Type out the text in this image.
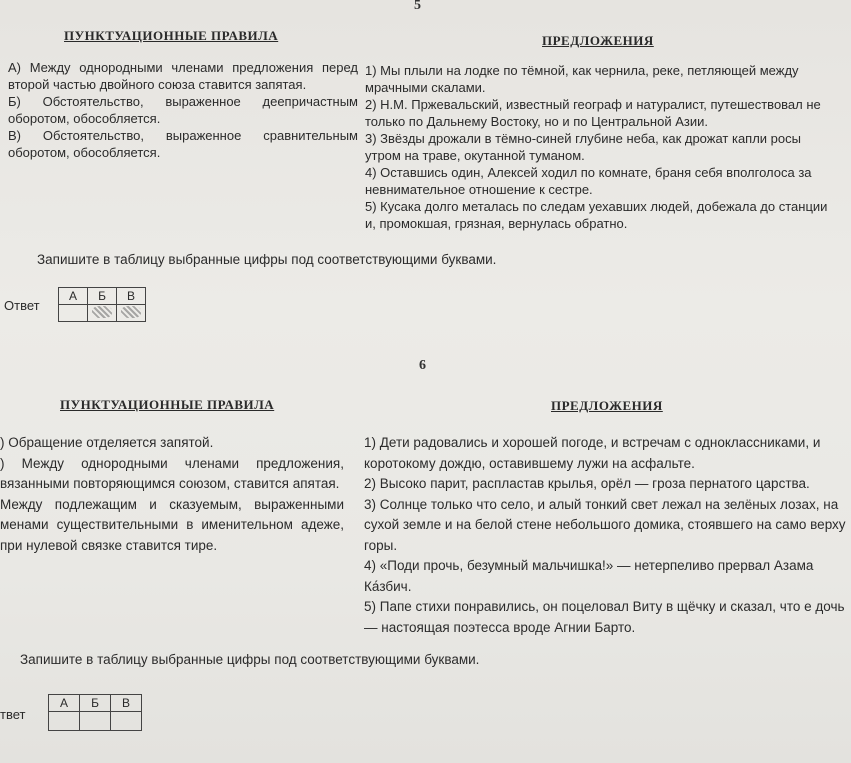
5
ПУНКТУАЦИОННЫЕ ПРАВИЛА	ПРЕДЛОЖЕНИЯ

А) Между однородными членами предложения перед второй частью двойного союза ставится запятая.

Б) Обстоятельство, выраженное деепричастным оборотом, обособляется.

В) Обстоятельство, выраженное сравнительным оборотом, обособляется.

1) Мы плыли на лодке по тёмной, как чернила, реке, петляющей между мрачными скалами.

2) Н.М. Пржевальский, известный географ и натуралист, путешествовал не только по Дальнему Востоку, но и по Центральной Азии.

3) Звёзды дрожали в тёмно-синей глубине неба, как дрожат капли росы утром на траве, окутанной туманом.

4) Оставшись один, Алексей ходил по комнате, браня себя вполголоса за невнимательное отношение к сестре.

5) Кусака долго металась по следам уехавших людей, добежала до станции и, промокшая, грязная, вернулась обратно.

Запишите в таблицу выбранные цифры под соответствующими буквами.
Ответ
А	Б	В

6
ПУНКТУАЦИОННЫЕ ПРАВИЛА	ПРЕДЛОЖЕНИЯ

) Обращение отделяется запятой.

) Между однородными членами предложения, вязанными повторяющимся союзом, ставится апятая.

Между подлежащим и сказуемым, выраженными менами существительными в именительном адеже, при нулевой связке ставится тире.

1) Дети радовались и хорошей погоде, и встречам с одноклассниками, и коротокому дождю, оставившему лужи на асфальте.

2) Высоко парит, распластав крылья, орёл — гроза пернатого царства.

3) Солнце только что село, и алый тонкий свет лежал на зелёных лозах, на сухой земле и на белой стене небольшого домика, стоявшего на само верху горы.

4) «Поди прочь, безумный мальчишка!» — нетерпеливо прервал Азама Ка́збич.

5) Папе стихи понравились, он поцеловал Виту в щёчку и сказал, что е дочь — настоящая поэтесса вроде Агнии Барто.

Запишите в таблицу выбранные цифры под соответствующими буквами.
твет
А	Б	В
